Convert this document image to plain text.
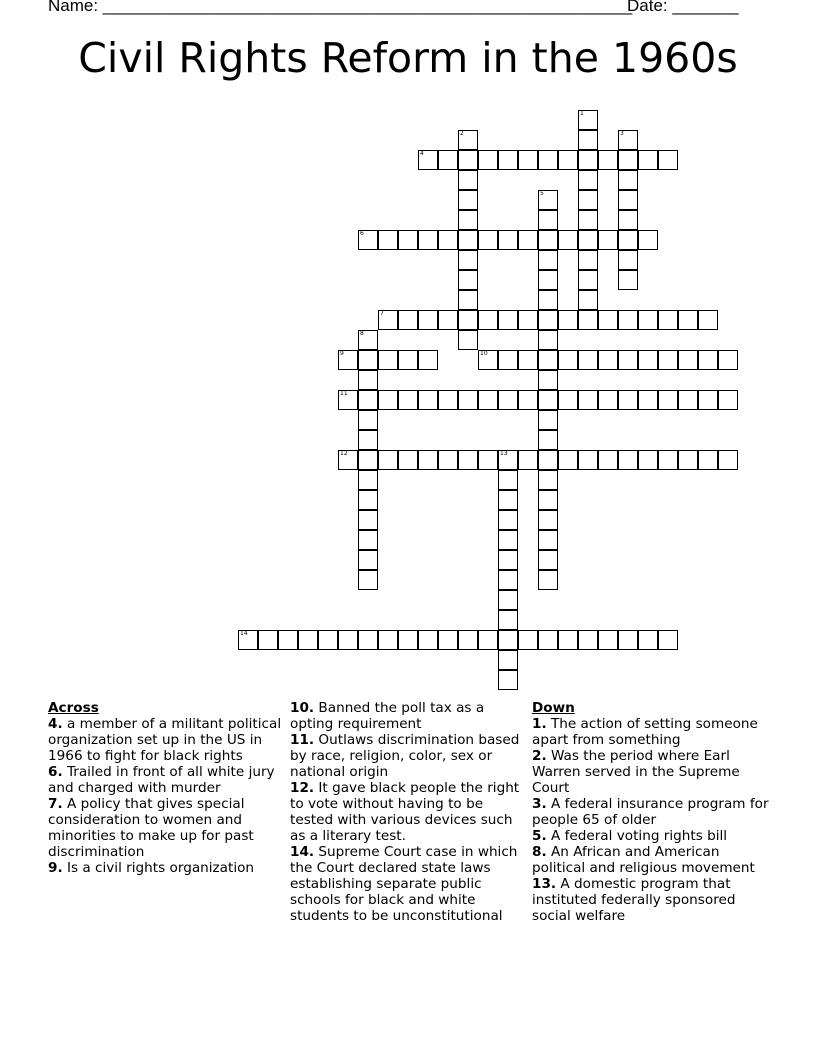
Name: ________________________________________________________
Date: _______
Civil Rights Reform in the 1960s
1
2	3
4
5
6
7
8
9	10
11
12	13
14
Across
4. a member of a militant political organization set up in the US in 1966 to fight for black rights
6. Trailed in front of all white jury and charged with murder
7. A policy that gives special consideration to women and minorities to make up for past discrimination
9. Is a civil rights organization
10. Banned the poll tax as a opting requirement
11. Outlaws discrimination based by race, religion, color, sex or national origin
12. It gave black people the right to vote without having to be tested with various devices such as a literary test.
14. Supreme Court case in which the Court declared state laws establishing separate public schools for black and white students to be unconstitutional
Down
1. The action of setting someone apart from something
2. Was the period where Earl Warren served in the Supreme Court
3. A federal insurance program for people 65 of older
5. A federal voting rights bill
8. An African and American political and religious movement
13. A domestic program that instituted federally sponsored social welfare
